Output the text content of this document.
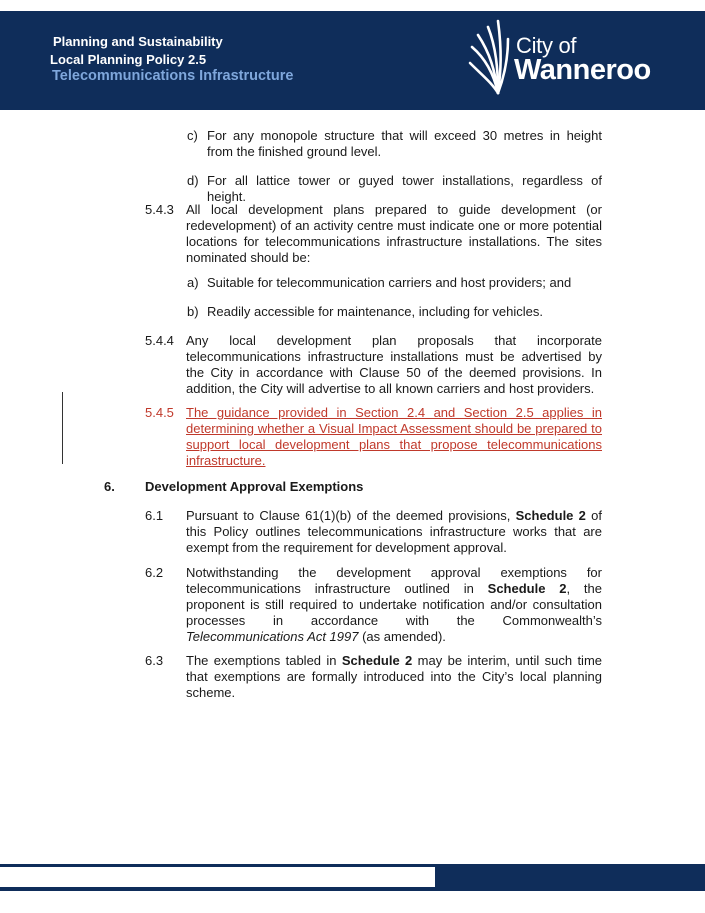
Planning and Sustainability
Local Planning Policy 2.5
Telecommunications Infrastructure
City of
Wanneroo
c) For any monopole structure that will exceed 30 metres in height from the finished ground level.
d) For all lattice tower or guyed tower installations, regardless of height.
5.4.3 All local development plans prepared to guide development (or redevelopment) of an activity centre must indicate one or more potential locations for telecommunications infrastructure installations. The sites nominated should be:
a) Suitable for telecommunication carriers and host providers; and
b) Readily accessible for maintenance, including for vehicles.
5.4.4 Any local development plan proposals that incorporate telecommunications infrastructure installations must be advertised by the City in accordance with Clause 50 of the deemed provisions. In addition, the City will advertise to all known carriers and host providers.
5.4.5 The guidance provided in Section 2.4 and Section 2.5 applies in determining whether a Visual Impact Assessment should be prepared to support local development plans that propose telecommunications infrastructure.
6. Development Approval Exemptions
6.1	Pursuant to Clause 61(1)(b) of the deemed provisions, Schedule 2 of this Policy outlines telecommunications infrastructure works that are exempt from the requirement for development approval.
6.2	Notwithstanding the development approval exemptions for telecommunications infrastructure outlined in Schedule 2, the proponent is still required to undertake notification and/or consultation processes in accordance with the Commonwealth’s Telecommunications Act 1997 (as amended).
6.3	The exemptions tabled in Schedule 2 may be interim, until such time that exemptions are formally introduced into the City’s local planning scheme.
